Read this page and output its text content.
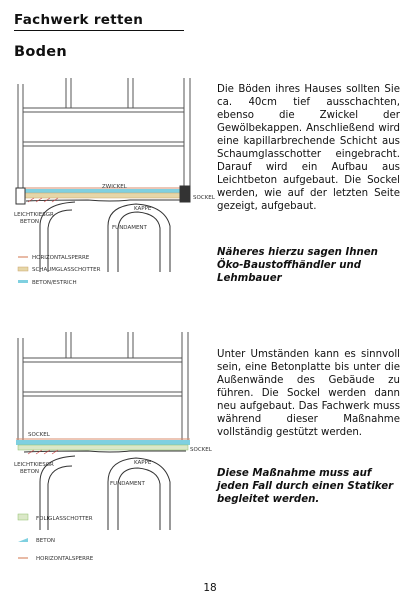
Fachwerk retten
Boden
ZWICKEL
SOCKEL
KAPPE
FUNDAMENT
LEICHTKIESGR
BETON
HORIZONTALSPERRE
SCHAUMGLASSCHOTTER
BETON/ESTRICH
Die Böden ihres Hauses sollten Sie ca. 40cm tief ausschachten, ebenso die Zwickel der Gewölbekappen. Anschließend wird eine kapillarbrechende Schicht aus Schaumglasschotter eingebracht. Darauf wird ein Aufbau aus Leichtbeton aufgebaut. Die Sockel werden, wie auf der letzten Seite gezeigt, aufgebaut.
Näheres hierzu sagen Ihnen Öko-Baustoffhändler und Lehmbauer
SOCKEL
SOCKEL
KAPPE
FUNDAMENT
LEICHTKIESGR
BETON
FOLIGLASSCHOTTER
BETON
HORIZONTALSPERRE
Unter Umständen kann es sinnvoll sein, eine Betonplatte bis unter die Außenwände des Gebäude zu führen. Die Sockel werden dann neu aufgebaut. Das Fachwerk muss während dieser Maßnahme vollständig gestützt werden.
Diese Maßnahme muss auf jeden Fall durch einen Statiker begleitet werden.
18
